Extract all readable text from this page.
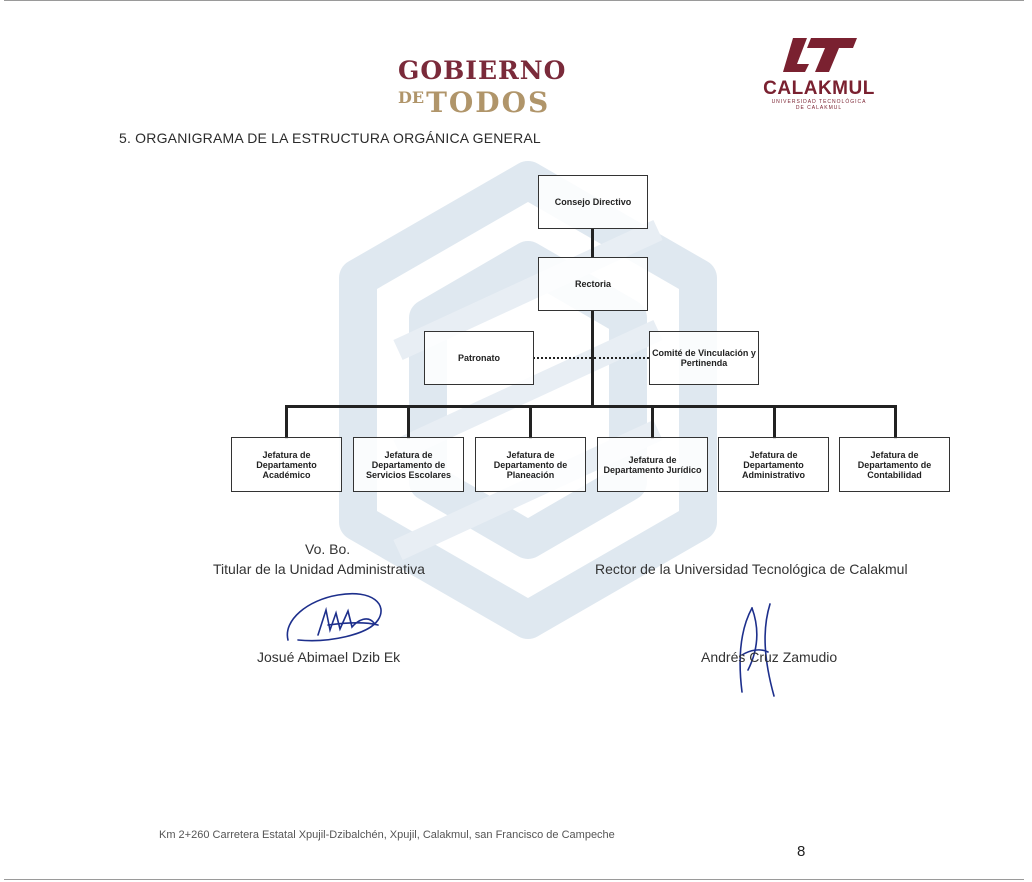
GOBIERNO
$^{DE}$TODOS	CALAKMUL
UNIVERSIDAD TECNOLÓGICA
DE CALAKMUL
5. ORGANIGRAMA DE LA ESTRUCTURA ORGÁNICA GENERAL
Consejo Directivo
Rectoria
Patronato	Comité de Vinculación y Pertinenda
Jefatura de Departamento Académico
Jefatura de Departamento de Servicios Escolares
Jefatura de Departamento de Planeación
Jefatura de Departamento Jurídico
Jefatura de Departamento Administrativo
Jefatura de Departamento de Contabilidad
Vo. Bo.
Titular de la Unidad Administrativa	Rector de la Universidad Tecnológica de Calakmul
Josué Abimael Dzib Ek	Andrés Cruz Zamudio
Km 2+260 Carretera Estatal Xpujil-Dzibalchén, Xpujil, Calakmul, san Francisco de Campeche
8
